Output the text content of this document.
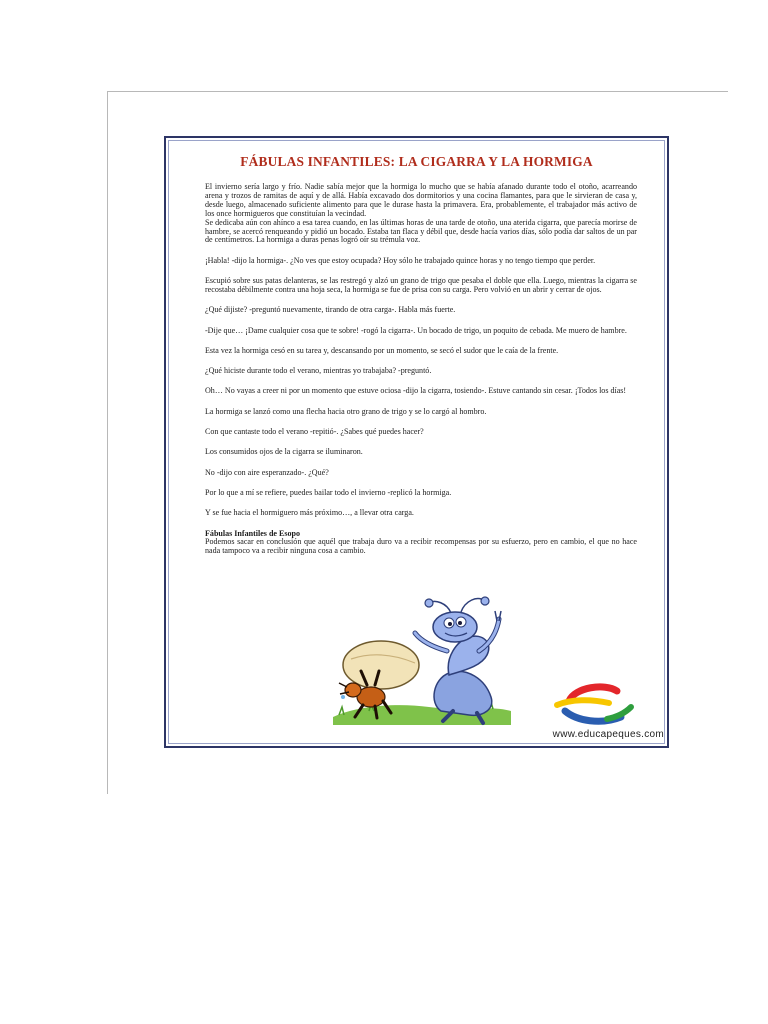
FÁBULAS INFANTILES: LA CIGARRA Y LA HORMIGA

El invierno sería largo y frío. Nadie sabía mejor que la hormiga lo mucho que se había afanado durante todo el otoño, acarreando arena y trozos de ramitas de aquí y de allá. Había excavado dos dormitorios y una cocina flamantes, para que le sirvieran de casa y, desde luego, almacenado suficiente alimento para que le durase hasta la primavera. Era, probablemente, el trabajador más activo de los once hormigueros que constituían la vecindad.

Se dedicaba aún con ahínco a esa tarea cuando, en las últimas horas de una tarde de otoño, una aterida cigarra, que parecía morirse de hambre, se acercó renqueando y pidió un bocado. Estaba tan flaca y débil que, desde hacía varios días, sólo podía dar saltos de un par de centímetros. La hormiga a duras penas logró oír su trémula voz.

¡Habla! -dijo la hormiga-. ¿No ves que estoy ocupada? Hoy sólo he trabajado quince horas y no tengo tiempo que perder.

Escupió sobre sus patas delanteras, se las restregó y alzó un grano de trigo que pesaba el doble que ella. Luego, mientras la cigarra se recostaba débilmente contra una hoja seca, la hormiga se fue de prisa con su carga. Pero volvió en un abrir y cerrar de ojos.

¿Qué dijiste? -preguntó nuevamente, tirando de otra carga-. Habla más fuerte.

-Dije que… ¡Dame cualquier cosa que te sobre! -rogó la cigarra-. Un bocado de trigo, un poquito de cebada. Me muero de hambre.

Esta vez la hormiga cesó en su tarea y, descansando por un momento, se secó el sudor que le caía de la frente.

¿Qué hiciste durante todo el verano, mientras yo trabajaba? -preguntó.

Oh… No vayas a creer ni por un momento que estuve ociosa -dijo la cigarra, tosiendo-. Estuve cantando sin cesar. ¡Todos los días!

La hormiga se lanzó como una flecha hacia otro grano de trigo y se lo cargó al hombro.

Con que cantaste todo el verano -repitió-. ¿Sabes qué puedes hacer?

Los consumidos ojos de la cigarra se iluminaron.

No -dijo con aire esperanzado-. ¿Qué?

Por lo que a mí se refiere, puedes bailar todo el invierno -replicó la hormiga.

Y se fue hacia el hormiguero más próximo…, a llevar otra carga.

Fábulas Infantiles de Esopo

Podemos sacar en conclusión que aquél que trabaja duro va a recibir recompensas por su esfuerzo, pero en cambio, el que no hace nada tampoco va a recibir ninguna cosa a cambio.

www.educapeques.com
